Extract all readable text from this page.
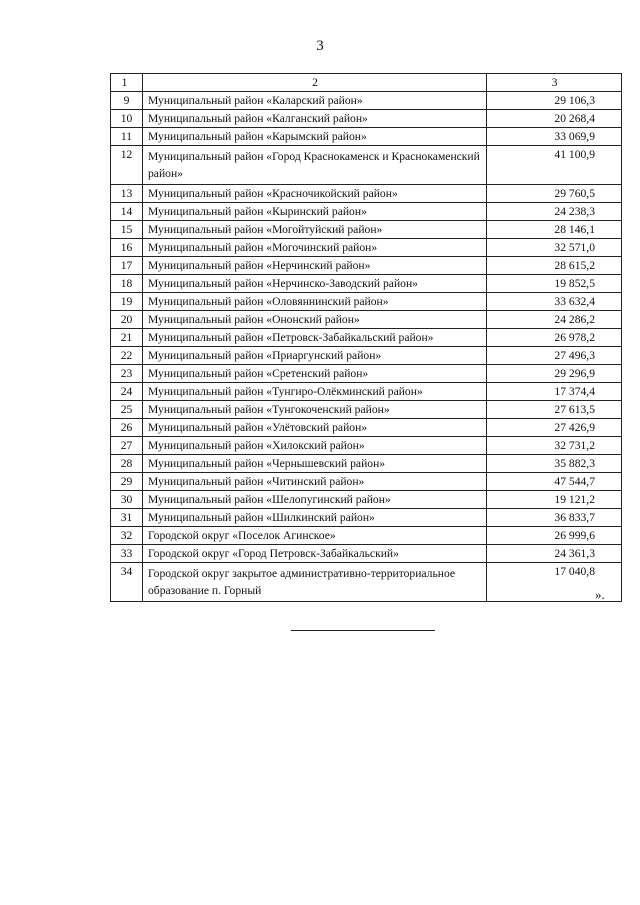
3
1	2	3
9	Муниципальный район «Каларский район»	29 106,3
10	Муниципальный район «Калганский район»	20 268,4
11	Муниципальный район «Карымский район»	33 069,9
12	Муниципальный район «Город Краснокаменск и Краснокаменский район»	41 100,9
13	Муниципальный район «Красночикойский район»	29 760,5
14	Муниципальный район «Кыринский район»	24 238,3
15	Муниципальный район «Могойтуйский район»	28 146,1
16	Муниципальный район «Могочинский район»	32 571,0
17	Муниципальный район «Нерчинский район»	28 615,2
18	Муниципальный район «Нерчинско-Заводский район»	19 852,5
19	Муниципальный район «Оловяннинский район»	33 632,4
20	Муниципальный район «Ононский район»	24 286,2
21	Муниципальный район «Петровск-Забайкальский район»	26 978,2
22	Муниципальный район «Приаргунский район»	27 496,3
23	Муниципальный район «Сретенский район»	29 296,9
24	Муниципальный район «Тунгиро-Олёкминский район»	17 374,4
25	Муниципальный район «Тунгокоченский район»	27 613,5
26	Муниципальный район «Улётовский район»	27 426,9
27	Муниципальный район «Хилокский район»	32 731,2
28	Муниципальный район «Чернышевский район»	35 882,3
29	Муниципальный район «Читинский район»	47 544,7
30	Муниципальный район «Шелопугинский район»	19 121,2
31	Муниципальный район «Шилкинский район»	36 833,7
32	Городской округ «Поселок Агинское»	26 999,6
33	Городской округ «Город Петровск-Забайкальский»	24 361,3
34	Городской округ закрытое административно-территориальное образование п. Горный	17 040,8
».
